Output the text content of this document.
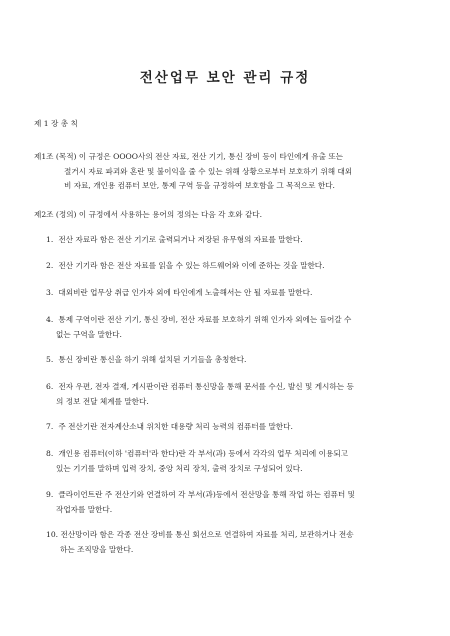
전산업무 보안 관리 규정

제 1 장 총 칙

제1조 (목적) 이 규정은 OOOO사의 전산 자료, 전산 기기, 통신 장비 등이 타인에게 유출 또는
절거시 자료 파괴와 혼란 및 불이익을 줄 수 있는 위해 상황으로부터 보호하기 위해 대외
비 자료, 개인용 컴퓨터 보안, 통제 구역 등을 규정하여 보호함을 그 목적으로 한다.

제2조 (정의) 이 규정에서 사용하는 용어의 정의는 다음 각 호와 같다.

1. 전산 자료라 함은 전산 기기로 출력되거나 저장된 유무형의 자료를 말한다.
2. 전산 기기라 함은 전산 자료를 읽을 수 있는 하드웨어와 이에 준하는 것을 말한다.
3. 대외비란 업무상 취급 인가자 외에 타인에게 노출해서는 안 될 자료를 말한다.
4. 통제 구역이란 전산 기기, 통신 장비, 전산 자료를 보호하기 위해 인가자 외에는 들어갈 수
없는 구역을 말한다.
5. 통신 장비란 통신을 하기 위해 설치된 기기들을 총칭한다.
6. 전자 우편, 전자 결재, 게시판이란 컴퓨터 통신망을 통해 문서를 수신, 발신 및 게시하는 등
의 정보 전달 체계를 말한다.
7. 주 전산기란 전자계산소내 위치한 대용량 처리 능력의 컴퓨터를 말한다.
8. 개인용 컴퓨터(이하 '컴퓨터'라 한다)란 각 부서(과) 등에서 각각의 업무 처리에 이용되고
있는 기기를 말하며 입력 장치, 중앙 처리 장치, 출력 장치로 구성되어 있다.
9. 클라이언트란 주 전산기와 연결하여 각 부서(과)등에서 전산망을 통해 작업 하는 컴퓨터 및
작업자를 말한다.
10. 전산망이라 함은 각종 전산 장비를 통신 회선으로 연결하여 자료를 처리, 보관하거나 전송
하는 조직망을 말한다.
